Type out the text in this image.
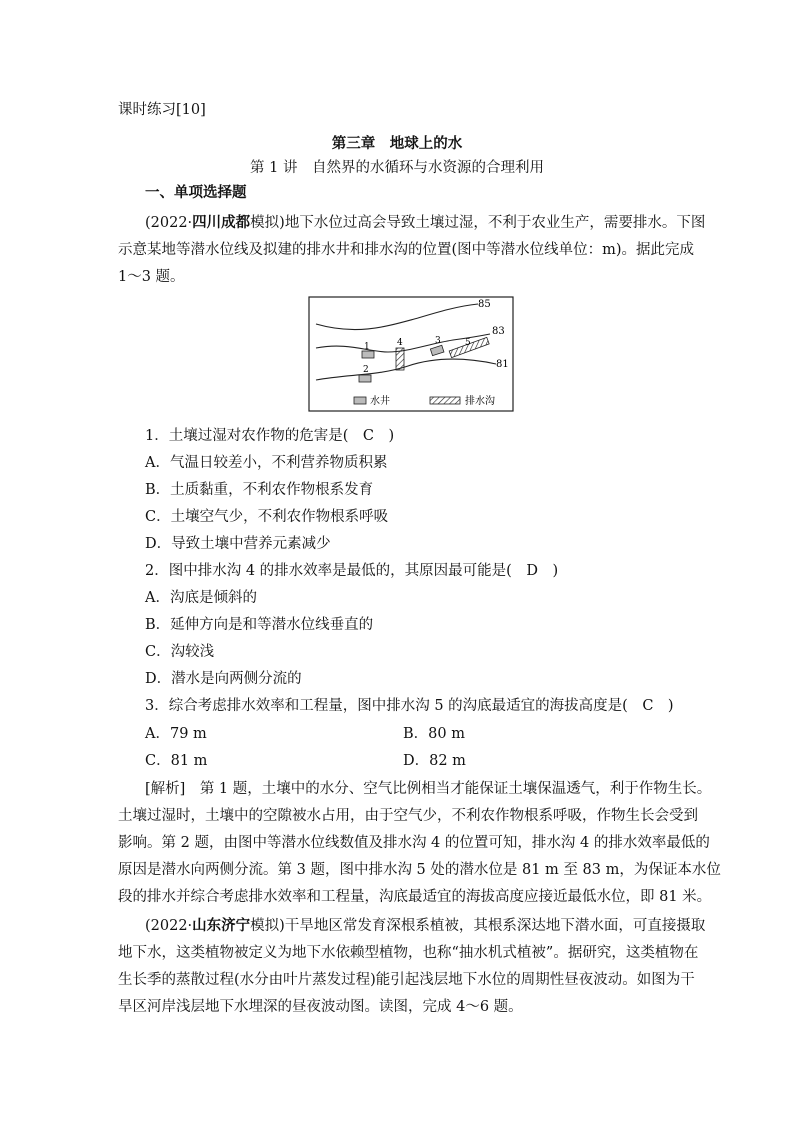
课时练习[10]
第三章　地球上的水
第 1 讲　自然界的水循环与水资源的合理利用
一、单项选择题
(2022·四川成都模拟)地下水位过高会导致土壤过湿，不利于农业生产，需要排水。下图
示意某地等潜水位线及拟建的排水井和排水沟的位置(图中等潜水位线单位：m)。据此完成
1～3 题。
85
83
81
1
2
3
4	5
水井	排水沟
1．土壤过湿对农作物的危害是(　C　)
A．气温日较差小，不利营养物质积累
B．土质黏重，不利农作物根系发育
C．土壤空气少，不利农作物根系呼吸
D．导致土壤中营养元素减少
2．图中排水沟 4 的排水效率是最低的，其原因最可能是(　D　)
A．沟底是倾斜的
B．延伸方向是和等潜水位线垂直的
C．沟较浅
D．潜水是向两侧分流的
3．综合考虑排水效率和工程量，图中排水沟 5 的沟底最适宜的海拔高度是(　C　)
A．79 m	B．80 m
C．81 m	D．82 m
[解析]　第 1 题，土壤中的水分、空气比例相当才能保证土壤保温透气，利于作物生长。
土壤过湿时，土壤中的空隙被水占用，由于空气少，不利农作物根系呼吸，作物生长会受到
影响。第 2 题，由图中等潜水位线数值及排水沟 4 的位置可知，排水沟 4 的排水效率最低的
原因是潜水向两侧分流。第 3 题，图中排水沟 5 处的潜水位是 81 m 至 83 m，为保证本水位
段的排水并综合考虑排水效率和工程量，沟底最适宜的海拔高度应接近最低水位，即 81 米。
(2022·山东济宁模拟)干旱地区常发育深根系植被，其根系深达地下潜水面，可直接摄取
地下水，这类植物被定义为地下水依赖型植物，也称“抽水机式植被”。据研究，这类植物在
生长季的蒸散过程(水分由叶片蒸发过程)能引起浅层地下水位的周期性昼夜波动。如图为干
旱区河岸浅层地下水埋深的昼夜波动图。读图，完成 4～6 题。
